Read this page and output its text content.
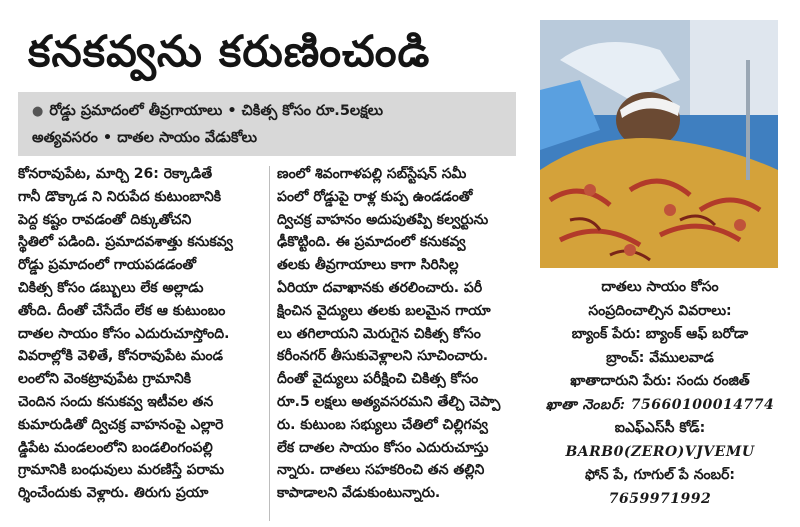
కనకవ్వను కరుణించండి
● రోడ్డు ప్రమాదంలో తీవ్రగాయాలు • చికిత్స కోసం రూ.5లక్షలు
అత్యవసరం • దాతల సాయం వేడుకోలు
కోనరావుపేట, మార్చి 26: రెక్కాడితే
గానీ డొక్కాడ ని నిరుపేద కుటుంబానికి
పెద్ద కష్టం రావడంతో దిక్కుతోచని
స్థితిలో పడింది. ప్రమాదవశాత్తు కనుకవ్వ
రోడ్డు ప్రమాదంలో గాయపడడంతో
చికిత్స కోసం డబ్బులు లేక అల్లాడు
తోంది. దీంతో చేసేదేం లేక ఆ కుటుంబం
దాతల సాయం కోసం ఎదురుచూస్తోంది.
వివరాల్లోకి వెళితే, కోనరావుపేట మండ
లంలోని వెంకట్రావుపేట గ్రామానికి
చెందిన సందు కనుకవ్వ ఇటీవల తన
కుమారుడితో ద్విచక్ర వాహనంపై ఎల్లారె
డ్డిపేట మండలంలోని బండలింగంపల్లి
గ్రామానికి బంధువులు మరణిస్తే పరామ
ర్శించేందుకు వెళ్లారు. తిరుగు ప్రయా
ణంలో శివంగాళపల్లి సబ్‌స్టేషన్ సమీ
పంలో రోడ్డుపై రాళ్ల కుప్ప ఉండడంతో
ద్విచక్ర వాహనం అదుపుతప్పి కల్వర్టును
ఢీకొట్టింది. ఈ ప్రమాదంలో కనుకవ్వ
తలకు తీవ్రగాయాలు కాగా సిరిసిల్ల
ఏరియా దవాఖానకు తరలించారు. పరీ
క్షించిన వైద్యులు తలకు బలమైన గాయా
లు తగిలాయని మెరుగైన చికిత్స కోసం
కరీంనగర్ తీసుకువెళ్లాలని సూచించారు.
దీంతో వైద్యులు పరీక్షించి చికిత్స కోసం
రూ.5 లక్షలు అత్యవసరమని తేల్చి చెప్పా
రు. కుటుంబ సభ్యులు చేతిలో చిల్లిగవ్వ
లేక దాతల సాయం కోసం ఎదురుచూస్తు
న్నారు. దాతలు సహకరించి తన తల్లిని
కాపాడాలని వేడుకుంటున్నారు.
దాతలు సాయం కోసం
సంప్రదించాల్సిన వివరాలు:
బ్యాంక్ పేరు: బ్యాంక్ ఆఫ్ బరోడా
బ్రాంచ్: వేములవాడ
ఖాతాదారుని పేరు: సందు రంజిత్
ఖాతా నెంబర్: 75660100014774
ఐఎఫ్ఎస్‌సీ కోడ్:
BARB0(ZERO)VJVEMU
ఫోన్ పే, గూగుల్ పే నంబర్:
7659971992
